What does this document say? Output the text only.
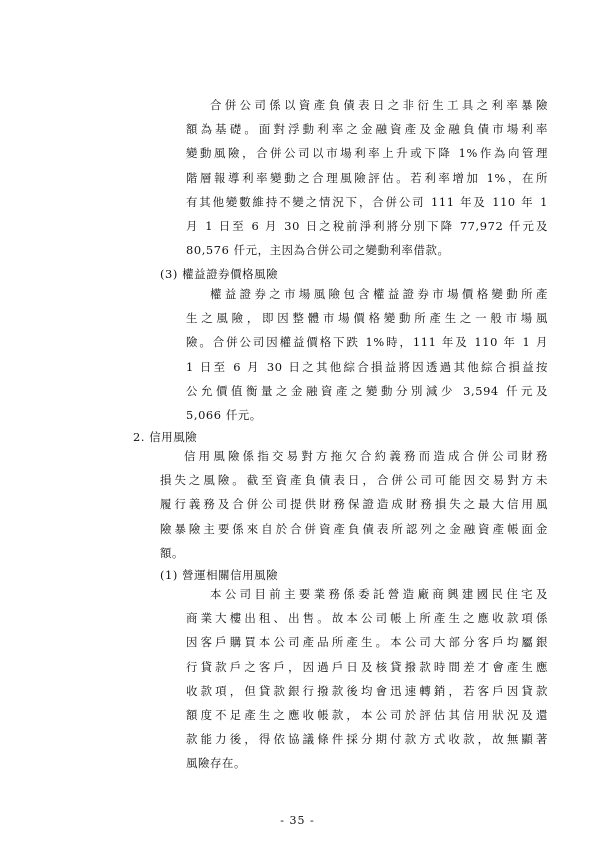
合併公司係以資產負債表日之非衍生工具之利率暴險
額為基礎。面對浮動利率之金融資產及金融負債市場利率
變動風險，合併公司以市場利率上升或下降 1%作為向管理
階層報導利率變動之合理風險評估。若利率增加 1%，在所
有其他變數維持不變之情況下，合併公司 111 年及 110 年 1
月 1 日至 6 月 30 日之稅前淨利將分別下降 77,972 仟元及
80,576 仟元，主因為合併公司之變動利率借款。
(3) 權益證券價格風險
權益證券之市場風險包含權益證券市場價格變動所產
生之風險，即因整體市場價格變動所產生之一般市場風
險。合併公司因權益價格下跌 1%時，111 年及 110 年 1 月
1 日至 6 月 30 日之其他綜合損益將因透過其他綜合損益按
公允價值衡量之金融資產之變動分別減少 3,594 仟元及
5,066 仟元。
2. 信用風險
信用風險係指交易對方拖欠合約義務而造成合併公司財務
損失之風險。截至資產負債表日，合併公司可能因交易對方未
履行義務及合併公司提供財務保證造成財務損失之最大信用風
險暴險主要係來自於合併資產負債表所認列之金融資產帳面金
額。
(1) 營運相關信用風險
本公司目前主要業務係委託營造廠商興建國民住宅及
商業大樓出租、出售。故本公司帳上所產生之應收款項係
因客戶購買本公司產品所產生。本公司大部分客戶均屬銀
行貸款戶之客戶，因過戶日及核貸撥款時間差才會產生應
收款項，但貸款銀行撥款後均會迅速轉銷，若客戶因貸款
額度不足產生之應收帳款，本公司於評估其信用狀況及還
款能力後，得依協議條件採分期付款方式收款，故無顯著
風險存在。
- 35 -
